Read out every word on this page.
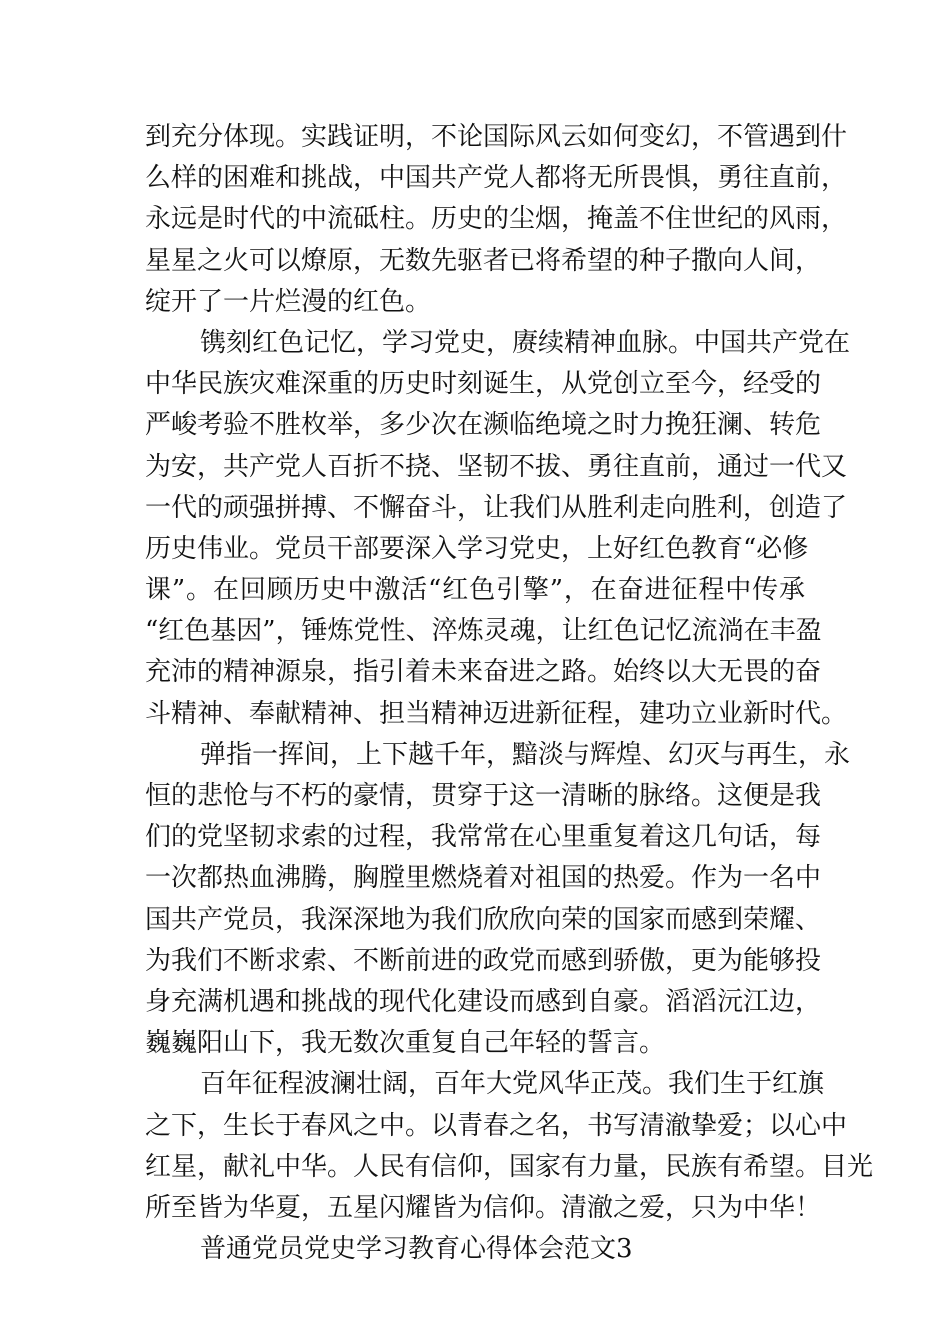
到充分体现。实践证明，不论国际风云如何变幻，不管遇到什
么样的困难和挑战，中国共产党人都将无所畏惧，勇往直前，
永远是时代的中流砥柱。历史的尘烟，掩盖不住世纪的风雨，
星星之火可以燎原，无数先驱者已将希望的种子撒向人间，
绽开了一片烂漫的红色。
镌刻红色记忆，学习党史，赓续精神血脉。中国共产党在
中华民族灾难深重的历史时刻诞生，从党创立至今，经受的
严峻考验不胜枚举，多少次在濒临绝境之时力挽狂澜、转危
为安，共产党人百折不挠、坚韧不拔、勇往直前，通过一代又
一代的顽强拼搏、不懈奋斗，让我们从胜利走向胜利，创造了
历史伟业。党员干部要深入学习党史，上好红色教育“必修
课”。在回顾历史中激活“红色引擎”，在奋进征程中传承
“红色基因”，锤炼党性、淬炼灵魂，让红色记忆流淌在丰盈
充沛的精神源泉，指引着未来奋进之路。始终以大无畏的奋
斗精神、奉献精神、担当精神迈进新征程，建功立业新时代。
弹指一挥间，上下越千年，黯淡与辉煌、幻灭与再生，永
恒的悲怆与不朽的豪情，贯穿于这一清晰的脉络。这便是我
们的党坚韧求索的过程，我常常在心里重复着这几句话，每
一次都热血沸腾，胸膛里燃烧着对祖国的热爱。作为一名中
国共产党员，我深深地为我们欣欣向荣的国家而感到荣耀、
为我们不断求索、不断前进的政党而感到骄傲，更为能够投
身充满机遇和挑战的现代化建设而感到自豪。滔滔沅江边，
巍巍阳山下，我无数次重复自己年轻的誓言。
百年征程波澜壮阔，百年大党风华正茂。我们生于红旗
之下，生长于春风之中。以青春之名，书写清澈挚爱；以心中
红星，献礼中华。人民有信仰，国家有力量，民族有希望。目光
所至皆为华夏，五星闪耀皆为信仰。清澈之爱，只为中华！
普通党员党史学习教育心得体会范文3
